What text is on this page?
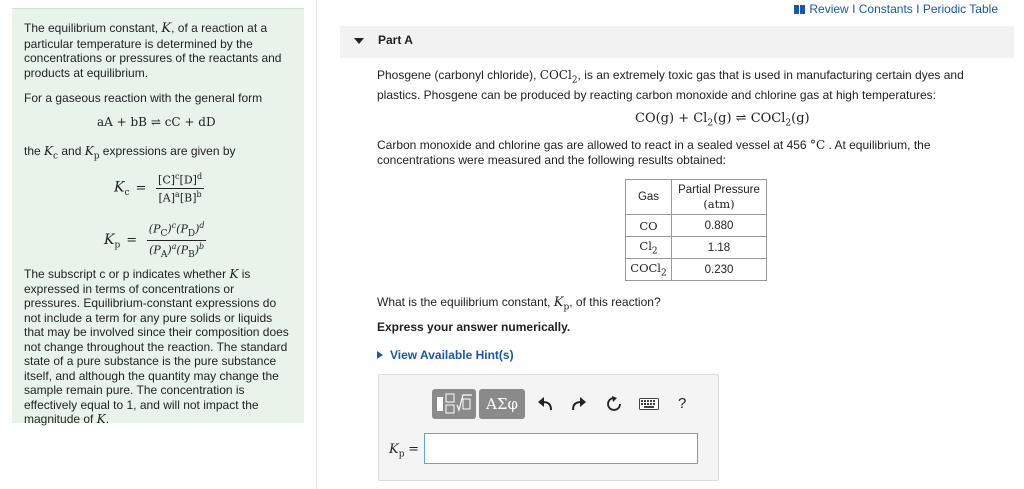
Review I Constants I Periodic Table

The equilibrium constant, K, of a reaction at a particular temperature is determined by the concentrations or pressures of the reactants and products at equilibrium.

For a gaseous reaction with the general form

aA + bB ⇌ cC + dD

the $K_c$ and $K_p$ expressions are given by

$K_c = \frac{[C]^c[D]^d}{[A]^a[B]^b}$
$K_p = \frac{(P_C)^c(P_D)^d}{(P_A)^a(P_B)^b}$

The subscript c or p indicates whether K is expressed in terms of concentrations or pressures. Equilibrium-constant expressions do not include a term for any pure solids or liquids that may be involved since their composition does not change throughout the reaction. The standard state of a pure substance is the pure substance itself, and although the quantity may change the sample remain pure. The concentration is effectively equal to 1, and will not impact the magnitude of K.

Part A

Phosgene (carbonyl chloride), COCl$_2$, is an extremely toxic gas that is used in manufacturing certain dyes and plastics. Phosgene can be produced by reacting carbon monoxide and chlorine gas at high temperatures:

$CO(g) + Cl_2(g)$ ⇌ COCl$_2$(g)

Carbon monoxide and chlorine gas are allowed to react in a sealed vessel at 456 °C . At equilibrium, the concentrations were measured and the following results obtained:

Gas	Partial Pressure
(atm)
CO	0.880
$Cl_2$	1.18
COCl$_2$	0.230

What is the equilibrium constant, $K_p$, of this reaction?

Express your answer numerically.

View Available Hint(s)
ΑΣφ	?
$K_p$ =
